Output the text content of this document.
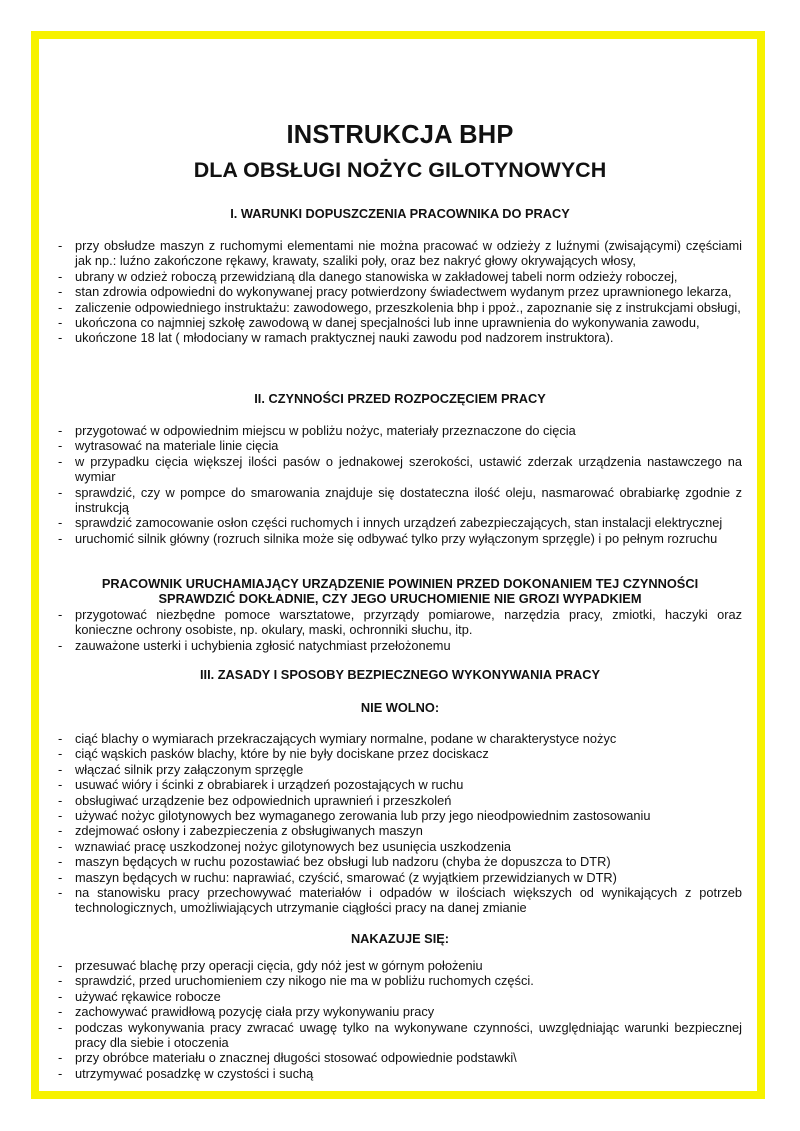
INSTRUKCJA BHP
DLA OBSŁUGI NOŻYC GILOTYNOWYCH
I. WARUNKI DOPUSZCZENIA PRACOWNIKA DO PRACY
- przy obsłudze maszyn z ruchomymi elementami nie można pracować w odzieży z luźnymi (zwisającymi) częściami jak np.: luźno zakończone rękawy, krawaty, szaliki poły, oraz bez nakryć głowy okrywających włosy,
- ubrany w odzież roboczą przewidzianą dla danego stanowiska w zakładowej tabeli norm odzieży roboczej,
- stan zdrowia odpowiedni do wykonywanej pracy potwierdzony świadectwem wydanym przez uprawnionego lekarza,
- zaliczenie odpowiedniego instruktażu: zawodowego, przeszkolenia bhp i ppoż., zapoznanie się z instrukcjami obsługi,
- ukończona co najmniej szkołę zawodową w danej specjalności lub inne uprawnienia do wykonywania zawodu,
- ukończone 18 lat ( młodociany w ramach praktycznej nauki zawodu pod nadzorem instruktora).
II. CZYNNOŚCI PRZED ROZPOCZĘCIEM PRACY
- przygotować w odpowiednim miejscu w pobliżu nożyc, materiały przeznaczone do cięcia
- wytrasować na materiale linie cięcia
- w przypadku cięcia większej ilości pasów o jednakowej szerokości, ustawić zderzak urządzenia nastawczego na wymiar
- sprawdzić, czy w pompce do smarowania znajduje się dostateczna ilość oleju, nasmarować obrabiarkę zgodnie z instrukcją
- sprawdzić zamocowanie osłon części ruchomych i innych urządzeń zabezpieczających, stan instalacji elektrycznej
- uruchomić silnik główny (rozruch silnika może się odbywać tylko przy wyłączonym sprzęgle) i po pełnym rozruchu
PRACOWNIK URUCHAMIAJĄCY URZĄDZENIE POWINIEN PRZED DOKONANIEM TEJ CZYNNOŚCI
SPRAWDZIĆ DOKŁADNIE, CZY JEGO URUCHOMIENIE NIE GROZI WYPADKIEM
- przygotować niezbędne pomoce warsztatowe, przyrządy pomiarowe, narzędzia pracy, zmiotki, haczyki oraz konieczne ochrony osobiste, np. okulary, maski, ochronniki słuchu, itp.
- zauważone usterki i uchybienia zgłosić natychmiast przełożonemu
III. ZASADY I SPOSOBY BEZPIECZNEGO WYKONYWANIA PRACY
NIE WOLNO:
- ciąć blachy o wymiarach przekraczających wymiary normalne, podane w charakterystyce nożyc
- ciąć wąskich pasków blachy, które by nie były dociskane przez dociskacz
- włączać silnik przy załączonym sprzęgle
- usuwać wióry i ścinki z obrabiarek i urządzeń pozostających w ruchu
- obsługiwać urządzenie bez odpowiednich uprawnień i przeszkoleń
- używać nożyc gilotynowych bez wymaganego zerowania lub przy jego nieodpowiednim zastosowaniu
- zdejmować osłony i zabezpieczenia z obsługiwanych maszyn
- wznawiać pracę uszkodzonej nożyc gilotynowych bez usunięcia uszkodzenia
- maszyn będących w ruchu pozostawiać bez obsługi lub nadzoru (chyba że dopuszcza to DTR)
- maszyn będących w ruchu: naprawiać, czyścić, smarować (z wyjątkiem przewidzianych w DTR)
- na stanowisku pracy przechowywać materiałów i odpadów w ilościach większych od wynikających z potrzeb technologicznych, umożliwiających utrzymanie ciągłości pracy na danej zmianie
NAKAZUJE SIĘ:
- przesuwać blachę przy operacji cięcia, gdy nóż jest w górnym położeniu
- sprawdzić, przed uruchomieniem czy nikogo nie ma w pobliżu ruchomych części.
- używać rękawice robocze
- zachowywać prawidłową pozycję ciała przy wykonywaniu pracy
- podczas wykonywania pracy zwracać uwagę tylko na wykonywane czynności, uwzględniając warunki bezpiecznej pracy dla siebie i otoczenia
- przy obróbce materiału o znacznej długości stosować odpowiednie podstawki\
- utrzymywać posadzkę w czystości i suchą
